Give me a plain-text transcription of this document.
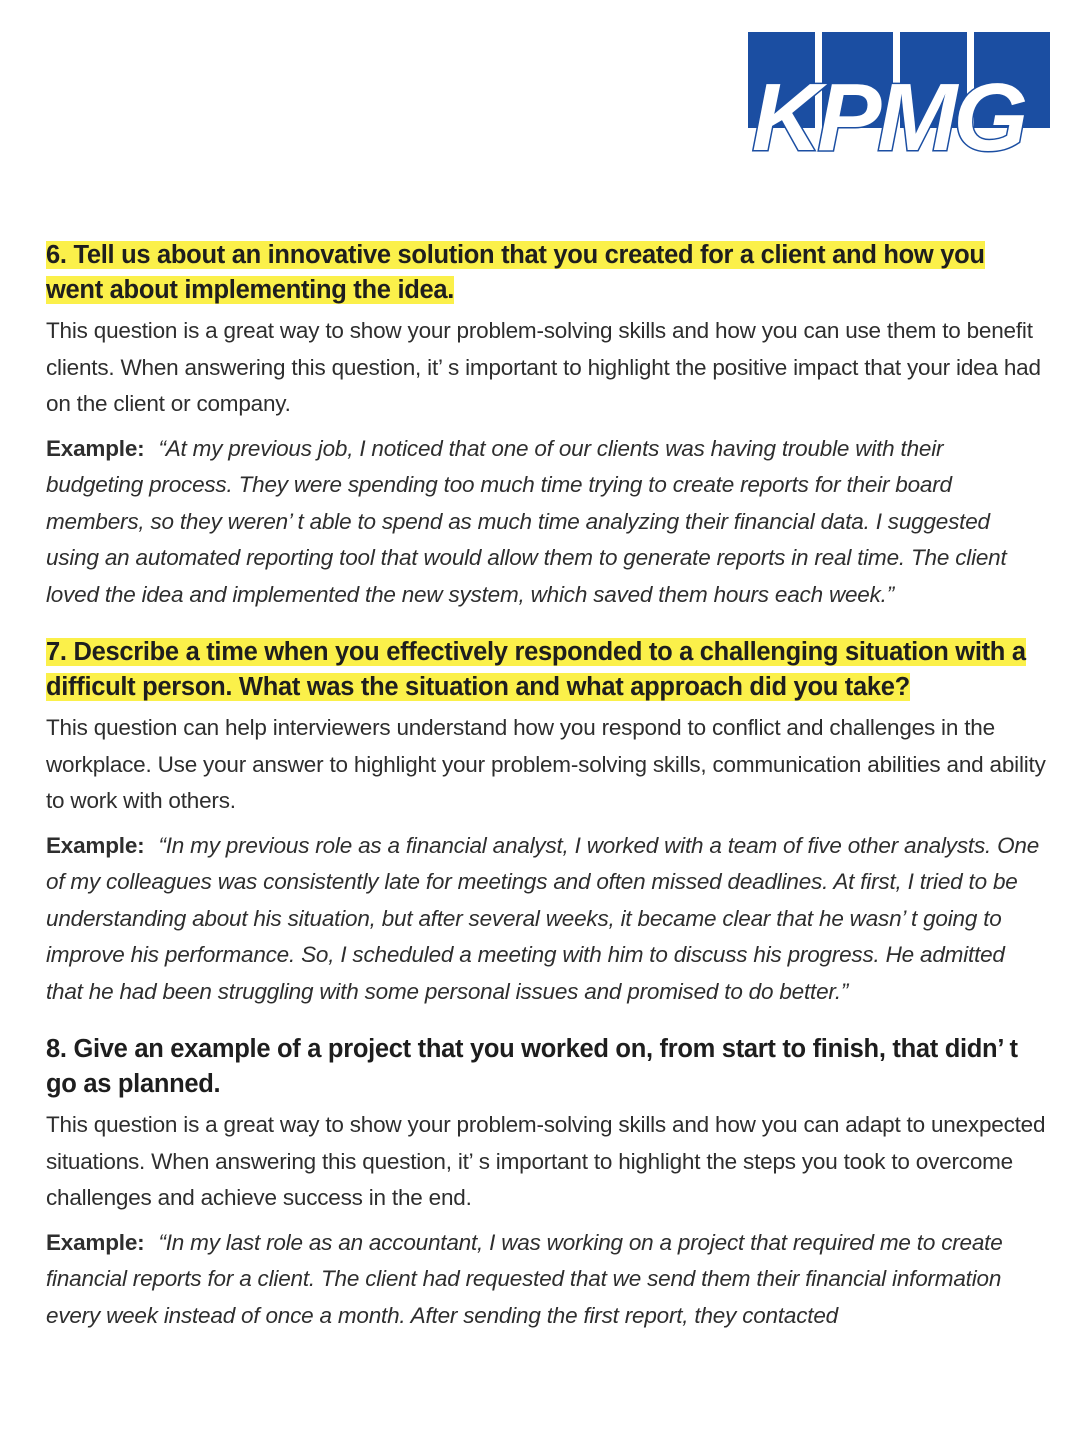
KPMG

6. Tell us about an innovative solution that you created for a client and how you went about implementing the idea.

This question is a great way to show your problem-solving skills and how you can use them to benefit clients. When answering this question, it’ s important to highlight the positive impact that your idea had on the client or company.

Example: “At my previous job, I noticed that one of our clients was having trouble with their budgeting process. They were spending too much time trying to create reports for their board members, so they weren’ t able to spend as much time analyzing their financial data. I suggested using an automated reporting tool that would allow them to generate reports in real time. The client loved the idea and implemented the new system, which saved them hours each week.”

7. Describe a time when you effectively responded to a challenging situation with a difficult person. What was the situation and what approach did you take?

This question can help interviewers understand how you respond to conflict and challenges in the workplace. Use your answer to highlight your problem-solving skills, communication abilities and ability to work with others.

Example: “In my previous role as a financial analyst, I worked with a team of five other analysts. One of my colleagues was consistently late for meetings and often missed deadlines. At first, I tried to be understanding about his situation, but after several weeks, it became clear that he wasn’ t going to improve his performance. So, I scheduled a meeting with him to discuss his progress. He admitted that he had been struggling with some personal issues and promised to do better.”

8. Give an example of a project that you worked on, from start to finish, that didn’ t go as planned.

This question is a great way to show your problem-solving skills and how you can adapt to unexpected situations. When answering this question, it’ s important to highlight the steps you took to overcome challenges and achieve success in the end.

Example: “In my last role as an accountant, I was working on a project that required me to create financial reports for a client. The client had requested that we send them their financial information every week instead of once a month. After sending the first report, they contacted
